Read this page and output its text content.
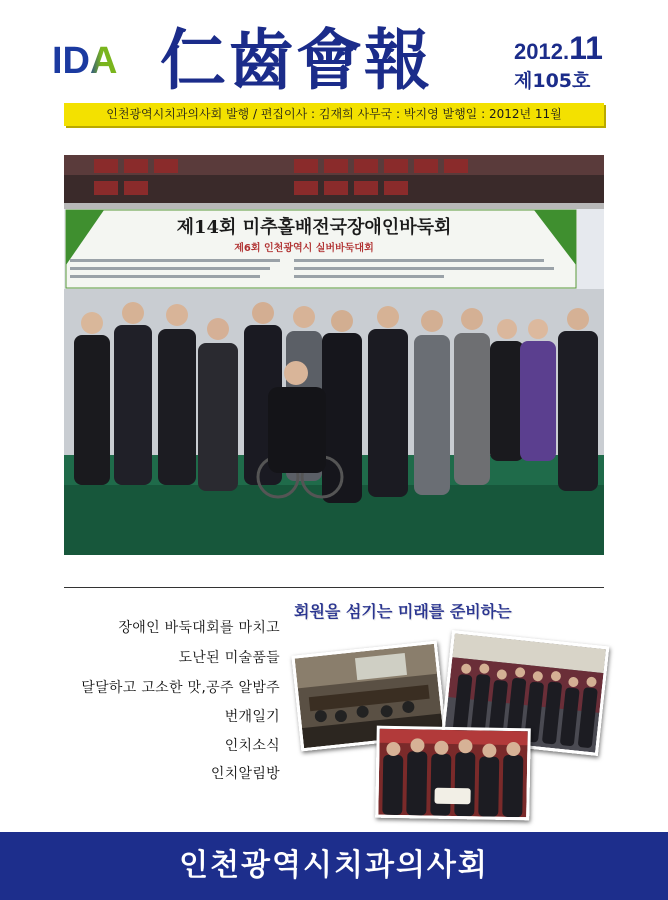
IDA 仁齒會報	2012.11
제105호
인천광역시치과의사회 발행 / 편집이사 : 김재희 사무국 : 박지영 발행일 : 2012년 11월
제14회 미추홀배전국장애인바둑회
제6회 인천광역시 실버바둑대회
장애인 바둑대회를 마치고
도난된 미술품들
달달하고 고소한 맛,공주 알밤주
번개일기
인치소식
인치알림방
회원을 섬기는 미래를 준비하는
인천광역시치과의사회
